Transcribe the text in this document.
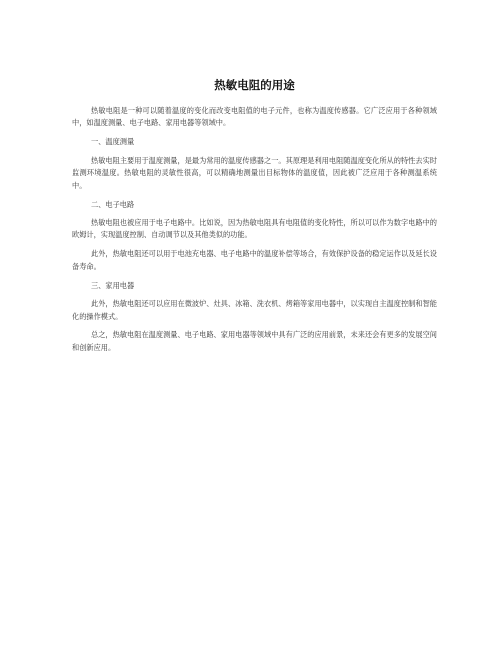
热敏电阻的用途

热敏电阻是一种可以随着温度的变化而改变电阻值的电子元件，也称为温度传感器。它广泛应用于各种领域中，如温度测量、电子电路、家用电器等领域中。

一、温度测量

热敏电阻主要用于温度测量，是最为常用的温度传感器之一。其原理是利用电阻随温度变化所从的特性去实时监测环境温度。热敏电阻的灵敏性很高，可以精确地测量出目标物体的温度值，因此被广泛应用于各种测温系统中。

二、电子电路

热敏电阻也被应用于电子电路中。比如说，因为热敏电阻具有电阻值的变化特性，所以可以作为数字电路中的欧姆计，实现温度控制、自动调节以及其他类似的功能。

此外，热敏电阻还可以用于电池充电器、电子电路中的温度补偿等场合，有效保护设备的稳定运作以及延长设备寿命。

三、家用电器

此外，热敏电阻还可以应用在微波炉、灶具、冰箱、洗衣机、烤箱等家用电器中，以实现自主温度控制和智能化的操作模式。

总之，热敏电阻在温度测量、电子电路、家用电器等领域中具有广泛的应用前景，未来还会有更多的发展空间和创新应用。
